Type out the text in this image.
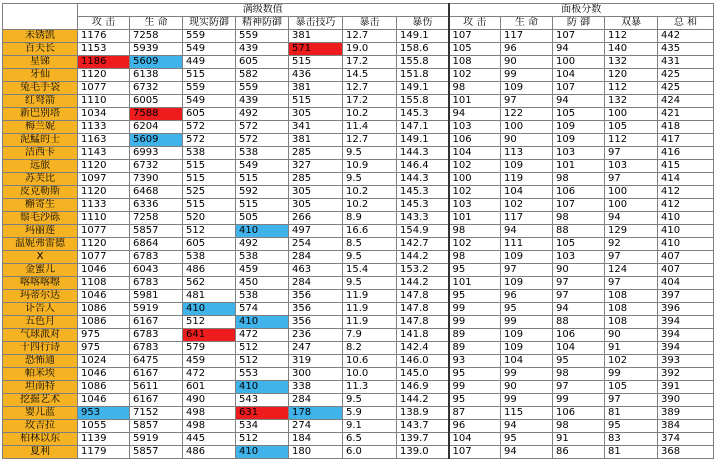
	满级数值							面板分数				
	攻 击	生 命	现实防御	精神防御	暴击技巧	暴击	暴伤	攻 击	生 命	防 御	双暴	总 和
未锈凯	1176	7258	559	559	381	12.7	149.1	107	117	107	112	442
百夫长	1153	5939	549	439	571	19.0	158.6	105	96	94	140	435
星锑	1186	5609	449	605	515	17.2	155.8	108	90	100	132	431
牙仙	1120	6138	515	582	436	14.5	151.8	102	99	104	120	425
兔毛手袋	1077	6732	559	559	381	12.7	149.1	98	109	107	112	425
红弩箭	1110	6005	549	439	515	17.2	155.8	101	97	94	132	424
新巴别塔	1034	7588	605	492	305	10.2	145.3	94	122	105	100	421
梅兰妮	1133	6204	572	572	341	11.4	147.1	103	100	109	105	418
泥鯭的士	1163	5609	572	572	381	12.7	149.1	106	90	109	112	417
洁西卡	1143	6993	538	538	285	9.5	144.3	104	113	103	97	416
远旅	1120	6732	515	549	327	10.9	146.4	102	109	101	103	415
苏芙比	1097	7390	515	515	285	9.5	144.3	100	119	98	97	414
皮克勒斯	1120	6468	525	592	305	10.2	145.3	102	104	106	100	412
槲寄生	1133	6336	515	515	305	10.2	145.3	103	102	107	100	412
鬃毛沙砾	1110	7258	520	505	266	8.9	143.3	101	117	98	94	410
玛丽莲	1077	5857	512	410	497	16.6	154.9	98	94	88	129	410
温妮弗雷德	1120	6864	605	492	254	8.5	142.7	102	111	105	92	410
X	1077	6783	538	538	284	9.5	144.2	98	109	103	97	407
金蜜儿	1046	6043	486	459	463	15.4	153.2	95	97	90	124	407
喀喀喀嚓	1108	6783	562	450	284	9.5	144.2	101	109	97	97	404
玛蒂尔达	1046	5981	481	538	356	11.9	147.8	95	96	97	108	397
讣告人	1086	5919	410	574	356	11.9	147.8	99	95	94	108	396
五色月	1086	6167	512	410	356	11.9	147.8	99	99	88	108	394
气球派对	975	6783	641	472	236	7.9	141.8	89	109	106	90	394
十四行诗	975	6783	579	512	247	8.2	142.4	89	109	104	91	394
恐怖通	1024	6475	459	512	319	10.6	146.0	93	104	95	102	393
帕米埃	1046	6167	472	553	300	10.0	145.0	95	99	98	99	392
坦南特	1086	5611	601	410	338	11.3	146.9	99	90	97	105	391
挖掘艺术	1046	6167	490	543	284	9.5	144.2	95	99	99	97	390
婴儿蓝	953	7152	498	631	178	5.9	138.9	87	115	106	81	389
玫吉拉	1055	5857	498	534	274	9.1	143.7	96	94	98	95	384
柏林以东	1139	5919	445	512	184	6.5	139.7	104	95	91	83	374
夏利	1179	5857	486	410	180	6.0	139.0	107	94	86	81	368
